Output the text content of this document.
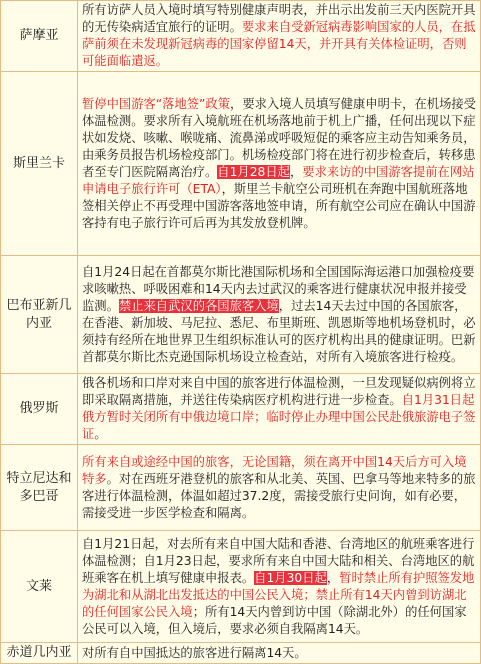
萨摩亚	所有访萨人员入境时填写特别健康声明表，并出示出发前三天内医院开具的无传染病适宜旅行的证明。要求来自受新冠病毒影响国家的人员，在抵萨前须在未发现新冠病毒的国家停留14天，并开具有关体检证明，否则可能面临遣返。
斯里兰卡	暂停中国游客“落地签”政策，要求入境人员填写健康申明卡，在机场接受体温检测。要求所有入境航班在机场落地前于机上广播，任何出现以下症状如发烧、咳嗽、喉咙痛、流鼻涕或呼吸短促的乘客应主动告知乘务员，由乘务员报告机场检疫部门。机场检疫部门将在进行初步检查后，转移患者至专门医院隔离治疗。自1月28日起，要求来访的中国游客提前在网站申请电子旅行许可（ETA），斯里兰卡航空公司班机在奔跑中国航班落地签相关停止不再受理中国游客落地签申请，所有航空公司应在确认中国游客持有电子旅行许可后再为其发放登机牌。
巴布亚新几内亚	自1月24日起在首都莫尔斯比港国际机场和全国国际海运港口加强检疫要求咳嗽热、呼吸困难和14天内去过武汉的乘客进行健康状况申报并接受监测。禁止来自武汉的各国旅客入境，过去14天去过中国的各国旅客，在香港、新加坡、马尼拉、悉尼、布里斯班、凯恩斯等地机场登机时，必须持有经所在地世界卫生组织标准认可的医疗机构出具的健康证明。巴新首都莫尔斯比杰克逊国际机场设立检查站，对所有入境旅客进行检疫。
俄罗斯	俄各机场和口岸对来自中国的旅客进行体温检测，一旦发现疑似病例将立即采取隔离措施，并送往传染病医疗机构进行进一步检查。自1月31日起俄方暂时关闭所有中俄边境口岸；临时停止办理中国公民赴俄旅游电子签证。
特立尼达和多巴哥	所有来自或途经中国的旅客，无论国籍，须在离开中国14天后方可入境特多。对在西班牙港登机的旅客和从北美、英国、巴拿马等地来特多的旅客进行体温检测，体温如超过37.2度，需接受旅行史问询，如有必要，需接受进一步医学检查和隔离。
文莱	自1月21日起，对去所有来自中国大陆和香港、台湾地区的航班乘客进行体温检测；自1月23日起，要求所有来自中国大陆和相关、台湾地区的航班乘客在机上填写健康申报表。自1月30日起，暂时禁止所有护照签发地为湖北和从湖北出发抵达的中国公民入境；禁止所有14天内曾到访湖北的任何国家公民入境；所有14天内曾到访中国（除湖北外）的任何国家公民可以入境，但入境后，要求必须自我隔离14天。
赤道几内亚	对所有自中国抵达的旅客进行隔离14天。
